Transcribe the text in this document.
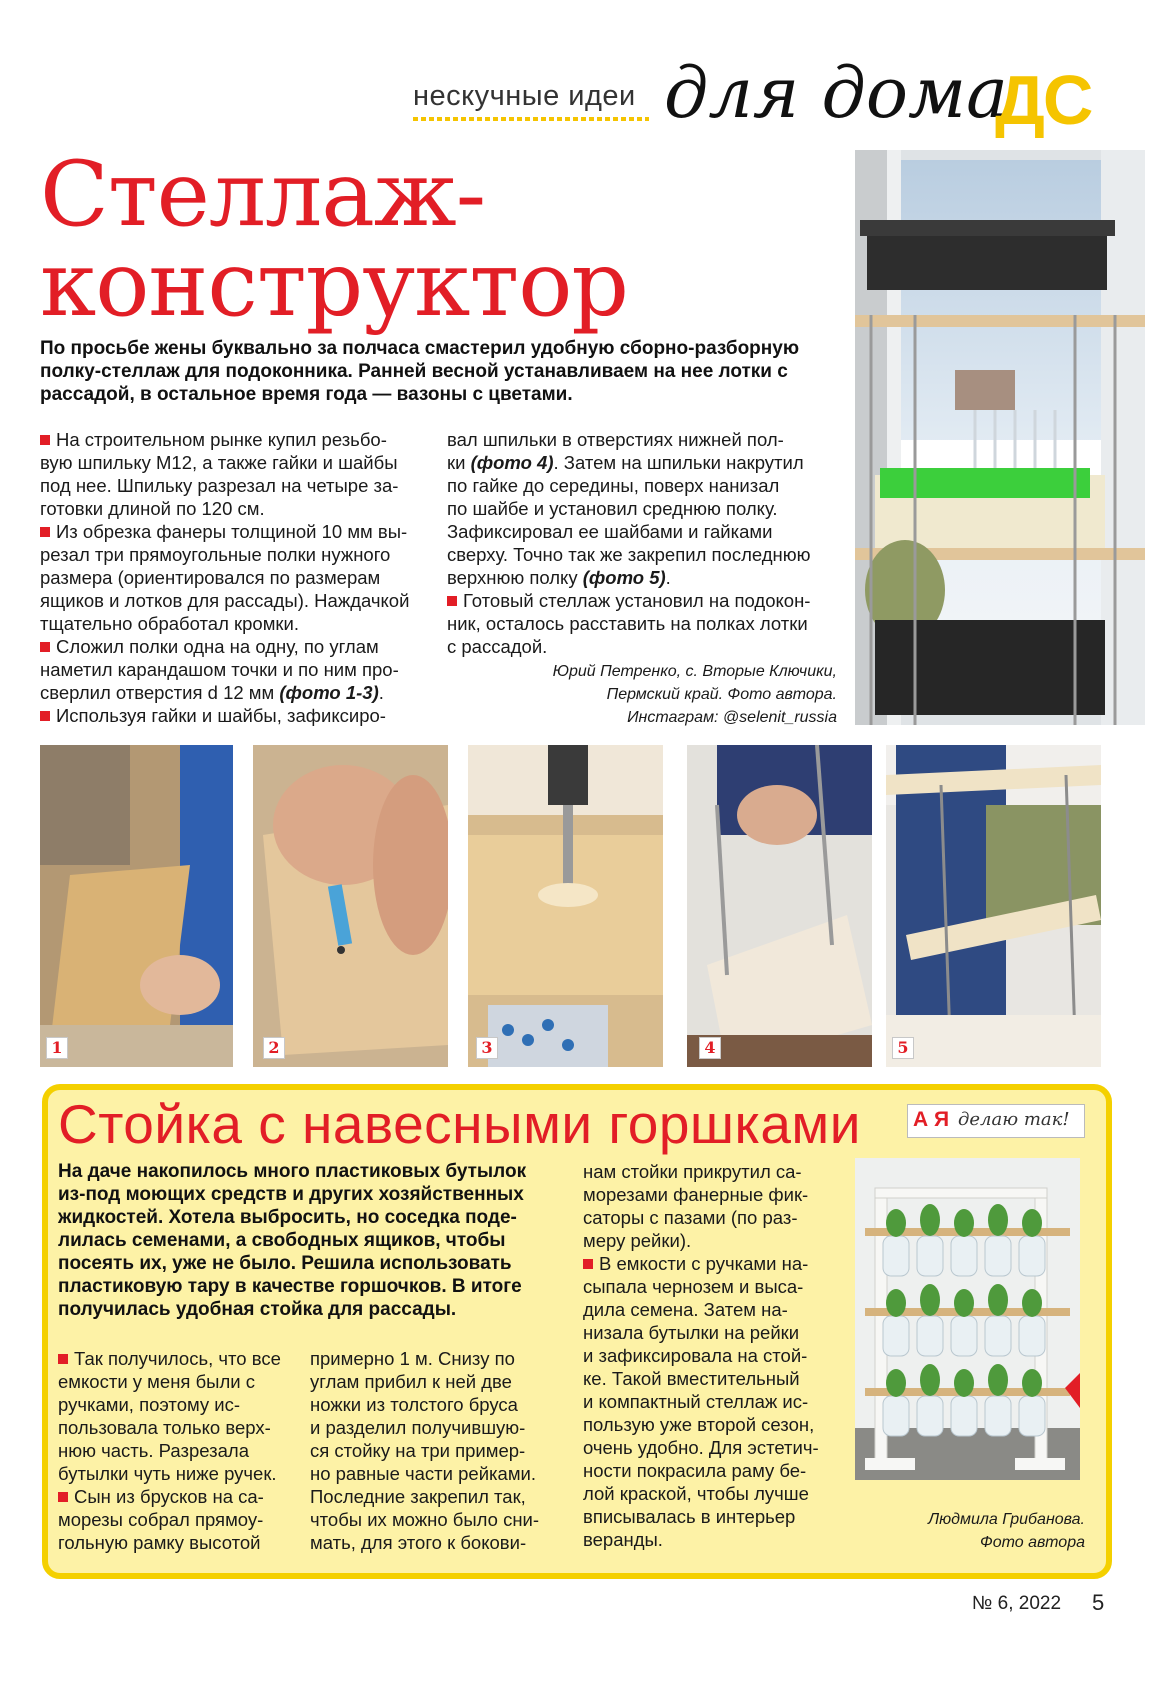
нескучные идеи для дома
ДС
Стеллаж-
конструктор
По просьбе жены буквально за полчаса смастерил удобную сборно-разборную полку-стеллаж для подоконника. Ранней весной устанавливаем на нее лотки с рассадой, в остальное время года — вазоны с цветами.

На строительном рынке купил резьбо-

вую шпильку М12, а также гайки и шайбы

под нее. Шпильку разрезал на четыре за-

готовки длиной по 120 см.

Из обрезка фанеры толщиной 10 мм вы-

резал три прямоугольные полки нужного

размера (ориентировался по размерам

ящиков и лотков для рассады). Наждачкой

тщательно обработал кромки.

Сложил полки одна на одну, по углам

наметил карандашом точки и по ним про-

сверлил отверстия d 12 мм (фото 1-3).

Используя гайки и шайбы, зафиксиро-

вал шпильки в отверстиях нижней пол-

ки (фото 4). Затем на шпильки накрутил

по гайке до середины, поверх нанизал

по шайбе и установил среднюю полку.

Зафиксировал ее шайбами и гайками

сверху. Точно так же закрепил последнюю

верхнюю полку (фото 5).

Готовый стеллаж установил на подокон-

ник, осталось расставить на полках лотки

с рассадой.

Юрий Петренко, с. Вторые Ключики,
Пермский край. Фото автора.
Инстаграм: @selenit_russia
1	2	3	4	5
Стойка с навесными горшками А Я делаю так!
На даче накопилось много пластиковых бутылок
из-под моющих средств и других хозяйственных
жидкостей. Хотела выбросить, но соседка поде-
лилась семенами, а свободных ящиков, чтобы
посеять их, уже не было. Решила использовать
пластиковую тару в качестве горшочков. В итоге
получилась удобная стойка для рассады.
Так получилось, что все
емкости у меня были с
ручками, поэтому ис-
пользовала только верх-
нюю часть. Разрезала
бутылки чуть ниже ручек.
Сын из брусков на са-
морезы собрал прямоу-
гольную рамку высотой
примерно 1 м. Снизу по
углам прибил к ней две
ножки из толстого бруса
и разделил получившую-
ся стойку на три пример-
но равные части рейками.
Последние закрепил так,
чтобы их можно было сни-
мать, для этого к бокови-
нам стойки прикрутил са-
морезами фанерные фик-
саторы с пазами (по раз-
меру рейки).
В емкости с ручками на-
сыпала чернозем и выса-
дила семена. Затем на-
низала бутылки на рейки
и зафиксировала на стой-
ке. Такой вместительный
и компактный стеллаж ис-
пользую уже второй сезон,
очень удобно. Для эстетич-
ности покрасила раму бе-
лой краской, чтобы лучше
вписывалась в интерьер
веранды.
Людмила Грибанова.
Фото автора
№ 6, 2022 5
